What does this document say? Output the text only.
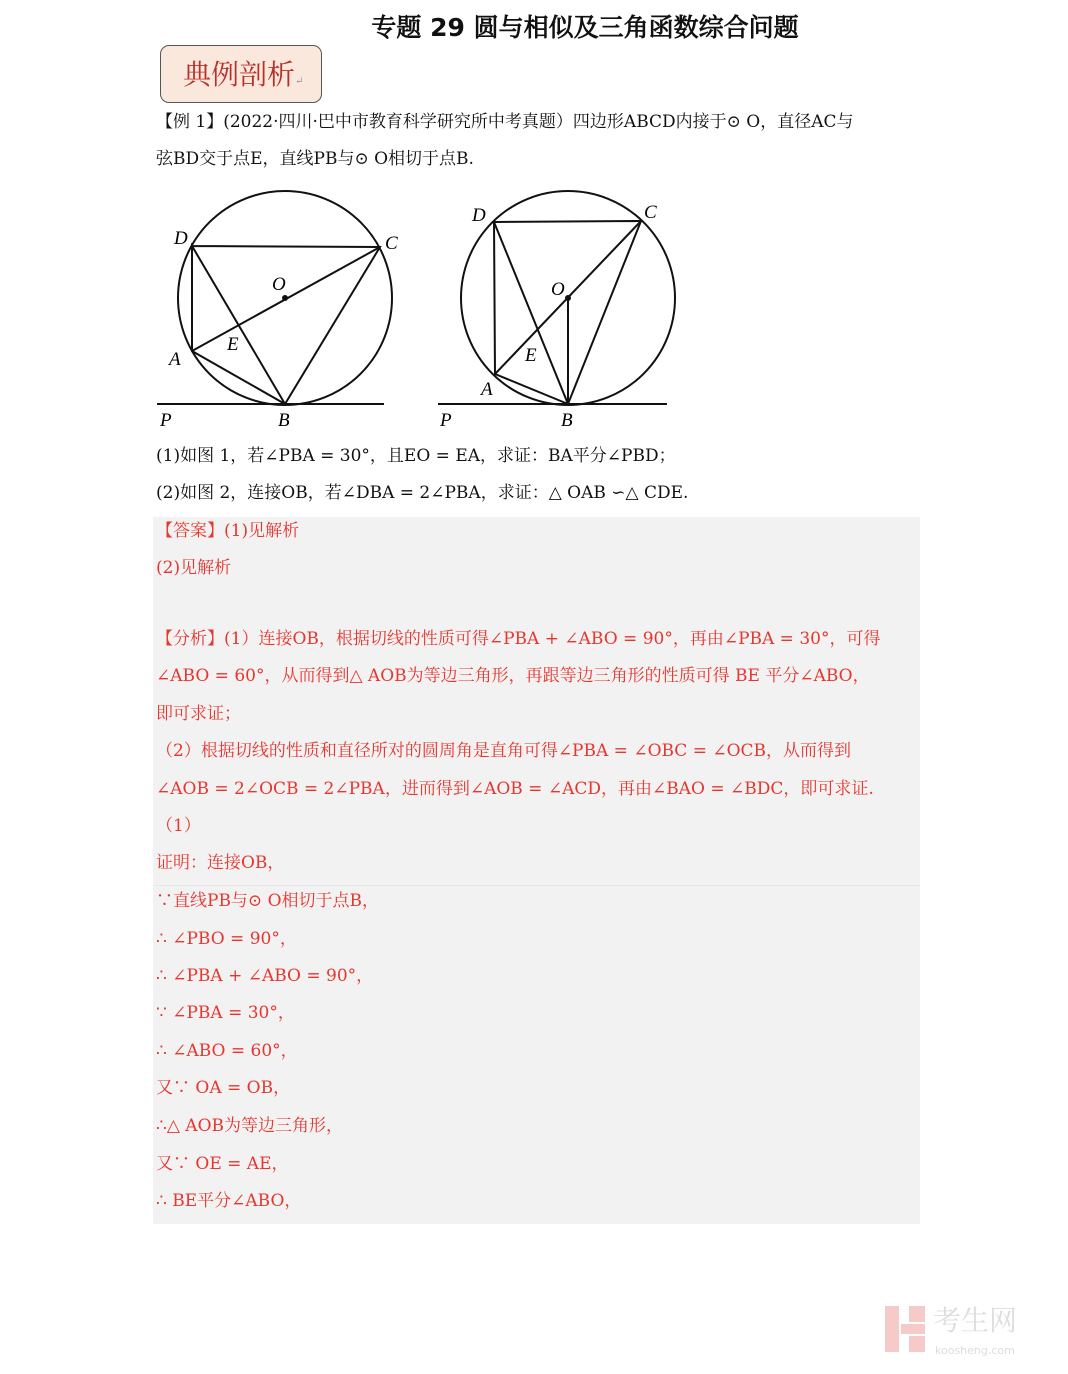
专题 29 圆与相似及三角函数综合问题
典例剖析↵
【例 1】(2022·四川·巴中市教育科学研究所中考真题）四边形ABCD内接于⊙ O，直径AC与
弦BD交于点E，直线PB与⊙ O相切于点B.
D	C
O
E
A
P	B
D	C
O
E
A
P	B
(1)如图 1，若∠PBA = 30°，且EO = EA，求证：BA平分∠PBD；
(2)如图 2，连接OB，若∠DBA = 2∠PBA，求证：△ OAB ∽△ CDE.
【答案】(1)见解析
(2)见解析
【分析】(1）连接OB，根据切线的性质可得∠PBA + ∠ABO = 90°，再由∠PBA = 30°，可得
∠ABO = 60°，从而得到△ AOB为等边三角形，再跟等边三角形的性质可得 BE 平分∠ABO，
即可求证；
（2）根据切线的性质和直径所对的圆周角是直角可得∠PBA = ∠OBC = ∠OCB，从而得到
∠AOB = 2∠OCB = 2∠PBA，进而得到∠AOB = ∠ACD，再由∠BAO = ∠BDC，即可求证.
（1）
证明：连接OB，
∵直线PB与⊙ O相切于点B，
∴ ∠PBO = 90°，
∴ ∠PBA + ∠ABO = 90°，
∵ ∠PBA = 30°，
∴ ∠ABO = 60°，
又∵ OA = OB，
∴△ AOB为等边三角形，
又∵ OE = AE，
∴ BE平分∠ABO，
考生网
koosheng.com
